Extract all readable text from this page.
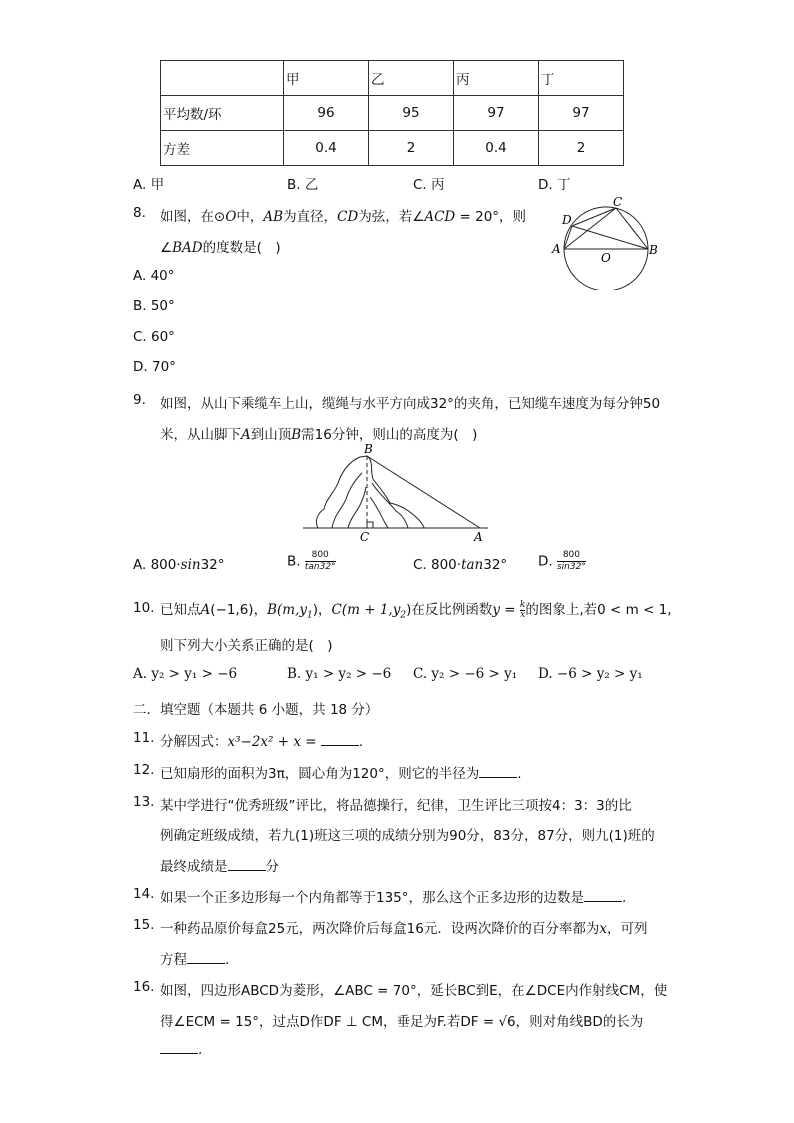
	甲	乙	丙	丁
平均数/环	96	95	97	97
方差	0.4	2	0.4	2
A. 甲	B. 乙	C. 丙	D. 丁
8. 如图，在⊙O中，AB为直径，CD为弦，若∠ACD = 20°，则
∠BAD的度数是(　)
A. 40°
B. 50°
C. 60°
D. 70°
C
D
A
O
B
9. 如图，从山下乘缆车上山，缆绳与水平方向成32°的夹角，已知缆车速度为每分钟50
米，从山脚下A到山顶B需16分钟，则山的高度为(　)
B
C	A
A. 800·sin32°	B. $\frac{800}{\tan 32^\circ}$	C. 800·tan32° D. $\frac{800}{\sin 32^\circ}$
10. 已知点A(−1,6)，$B(m,y_1)$，$C(m + 1,y_2)$在反比例函数$y = \frac{k}{x}$的图象上,若0 < m < 1,
则下列大小关系正确的是(　)
A. y₂ > y₁ > −6	B. y₁ > y₂ > −6 C. y₂ > −6 > y₁ D. −6 > y₂ > y₁
二．填空题（本题共 6 小题，共 18 分）
11. 分解因式：x³−2x² + x =	.
12. 已知扇形的面积为3π，圆心角为120°，则它的半径为	.
13. 某中学进行“优秀班级”评比，将品德操行，纪律，卫生评比三项按4：3：3的比
例确定班级成绩，若九(1)班这三项的成绩分别为90分，83分，87分，则九(1)班的
最终成绩是	分
14. 如果一个正多边形每一个内角都等于135°，那么这个正多边形的边数是	.
15. 一种药品原价每盒25元，两次降价后每盒16元．设两次降价的百分率都为x，可列
方程	.
16. 如图，四边形ABCD为菱形，∠ABC = 70°，延长BC到E，在∠DCE内作射线CM，使
得∠ECM = 15°，过点D作DF ⊥ CM，垂足为F.若DF = √6，则对角线BD的长为
.
